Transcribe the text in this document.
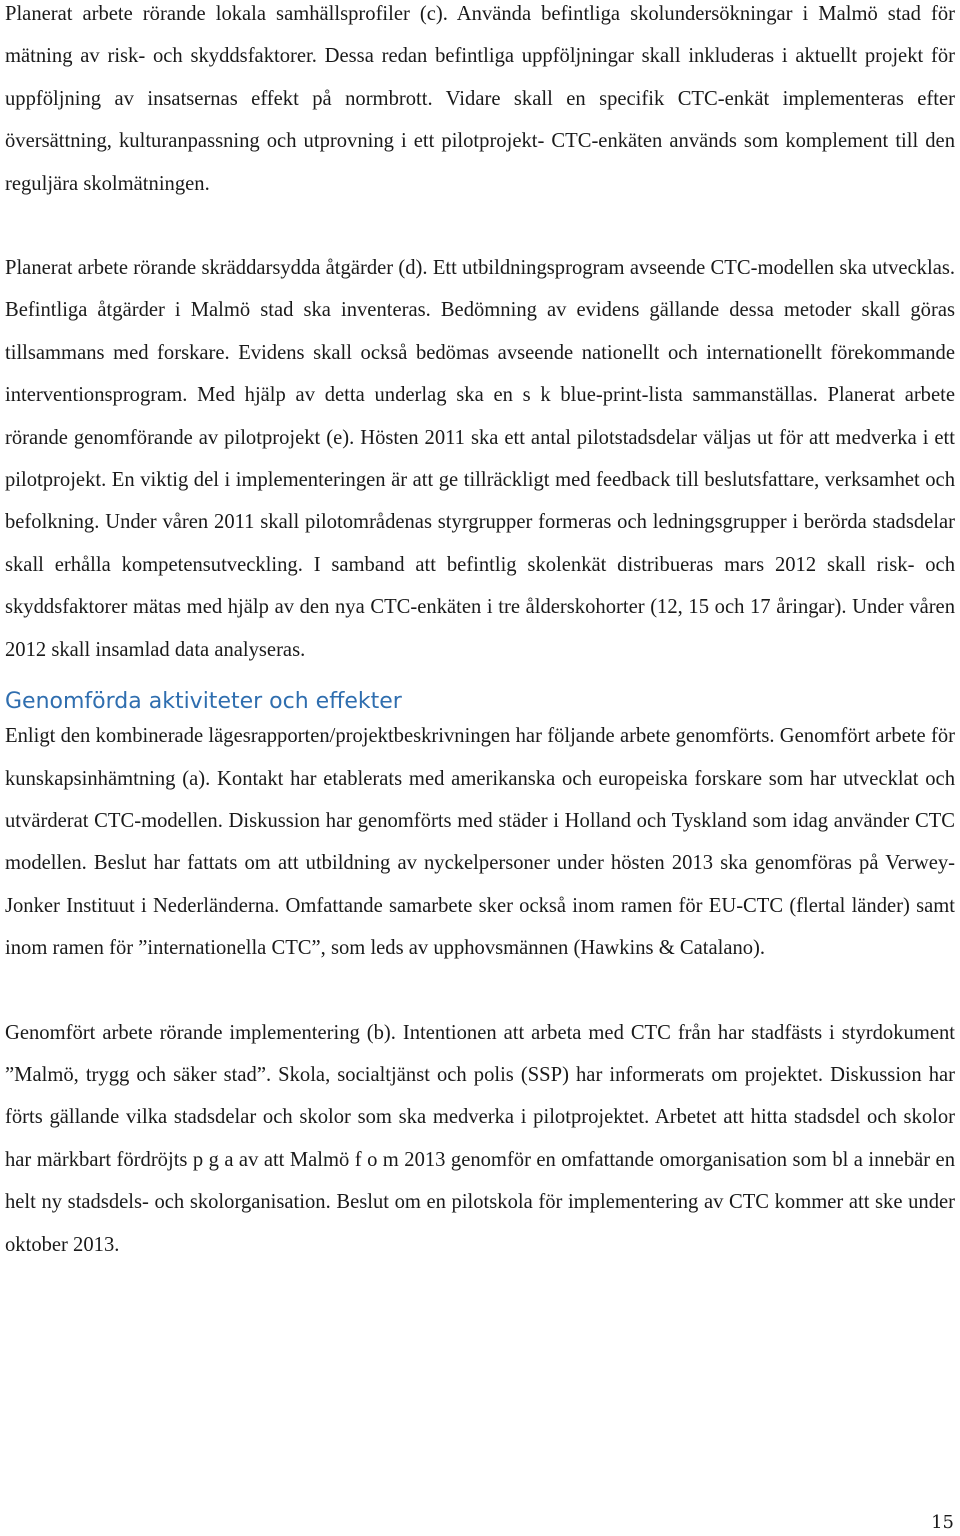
Planerat arbete rörande lokala samhällsprofiler (c). Använda befintliga skolundersökningar i Malmö stad för mätning av risk- och skyddsfaktorer. Dessa redan befintliga uppföljningar skall inkluderas i aktuellt projekt för uppföljning av insatsernas effekt på normbrott. Vidare skall en specifik CTC-enkät implementeras efter översättning, kulturanpassning och utprovning i ett pilotprojekt- CTC-enkäten används som komplement till den reguljära skolmätningen.

Planerat arbete rörande skräddarsydda åtgärder (d). Ett utbildningsprogram avseende CTC-modellen ska utvecklas. Befintliga åtgärder i Malmö stad ska inventeras. Bedömning av evidens gällande dessa metoder skall göras tillsammans med forskare. Evidens skall också bedömas avseende nationellt och internationellt förekommande interventionsprogram. Med hjälp av detta underlag ska en s k blue-print-lista sammanställas. Planerat arbete rörande genomförande av pilotprojekt (e). Hösten 2011 ska ett antal pilotstadsdelar väljas ut för att medverka i ett pilotprojekt. En viktig del i implementeringen är att ge tillräckligt med feedback till beslutsfattare, verksamhet och befolkning. Under våren 2011 skall pilotområdenas styrgrupper formeras och ledningsgrupper i berörda stadsdelar skall erhålla kompetensutveckling. I samband att befintlig skolenkät distribueras mars 2012 skall risk- och skyddsfaktorer mätas med hjälp av den nya CTC-enkäten i tre ålderskohorter (12, 15 och 17 åringar). Under våren 2012 skall insamlad data analyseras.

Genomförda aktiviteter och effekter

Enligt den kombinerade lägesrapporten/projektbeskrivningen har följande arbete genomförts. Genomfört arbete för kunskapsinhämtning (a). Kontakt har etablerats med amerikanska och europeiska forskare som har utvecklat och utvärderat CTC-modellen. Diskussion har genomförts med städer i Holland och Tyskland som idag använder CTC modellen. Beslut har fattats om att utbildning av nyckelpersoner under hösten 2013 ska genomföras på Verwey-Jonker Instituut i Nederländerna. Omfattande samarbete sker också inom ramen för EU-CTC (flertal länder) samt inom ramen för ”internationella CTC”, som leds av upphovsmännen (Hawkins & Catalano).

Genomfört arbete rörande implementering (b). Intentionen att arbeta med CTC från har stadfästs i styrdokument ”Malmö, trygg och säker stad”. Skola, socialtjänst och polis (SSP) har informerats om projektet. Diskussion har förts gällande vilka stadsdelar och skolor som ska medverka i pilotprojektet. Arbetet att hitta stadsdel och skolor har märkbart fördröjts p g a av att Malmö f o m 2013 genomför en omfattande omorganisation som bl a innebär en helt ny stadsdels- och skolorganisation. Beslut om en pilotskola för implementering av CTC kommer att ske under oktober 2013.

15
